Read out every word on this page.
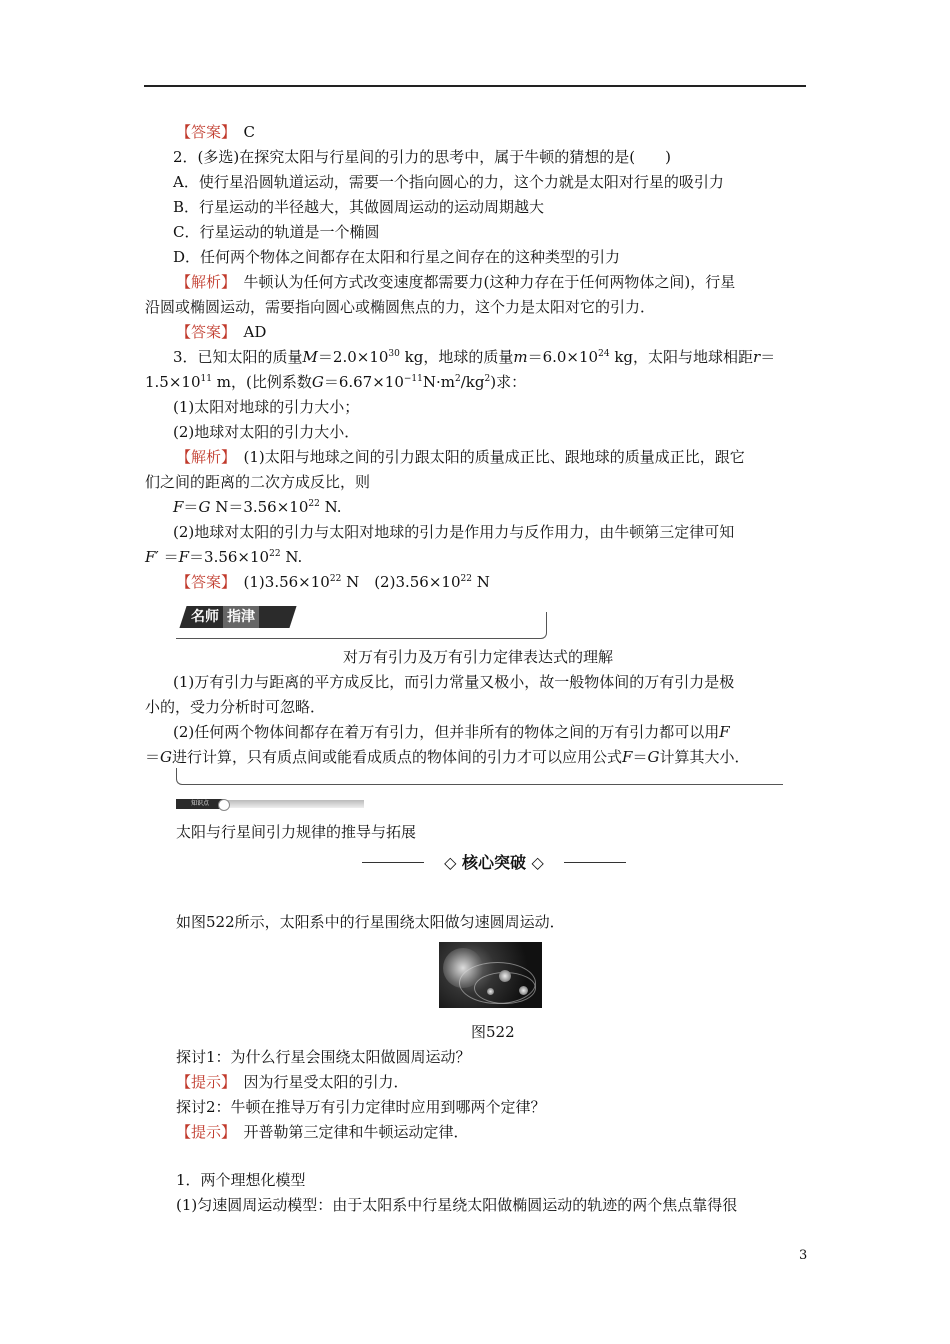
【答案】　 C
2．(多选)在探究太阳与行星间的引力的思考中，属于牛顿的猜想的是(　　)
A．使行星沿圆轨道运动，需要一个指向圆心的力，这个力就是太阳对行星的吸引力
B．行星运动的半径越大，其做圆周运动的运动周期越大
C．行星运动的轨道是一个椭圆
D．任何两个物体之间都存在太阳和行星之间存在的这种类型的引力
【解析】　 牛顿认为任何方式改变速度都需要力(这种力存在于任何两物体之间)，行星
沿圆或椭圆运动，需要指向圆心或椭圆焦点的力，这个力是太阳对它的引力．
【答案】　 AD
3．已知太阳的质量$M=2.0\times 10^{30}$ kg，地球的质量$m=6.0\times 10^{24}$ kg，太阳与地球相距r＝
$1.5\times 10^{11}$ m，(比例系数$G=6.67\times 10^{-11}N\cdot m^2/kg^2$)求：
(1)太阳对地球的引力大小；
(2)地球对太阳的引力大小．
【解析】　 (1)太阳与地球之间的引力跟太阳的质量成正比、跟地球的质量成正比，跟它
们之间的距离的二次方成反比，则
F＝G $N=3.56\times 10^{22}$ N.
(2)地球对太阳的引力与太阳对地球的引力是作用力与反作用力，由牛顿第三定律可知
$F' =F=3.56\times 10^{22}$ N.
【答案】　 $(1)3.56\times 10^{22}$ N　$(2)3.56\times 10^{22}$ N
名师 指津
对万有引力及万有引力定律表达式的理解
(1)万有引力与距离的平方成反比，而引力常量又极小，故一般物体间的万有引力是极
小的，受力分析时可忽略．
(2)任何两个物体间都存在着万有引力，但并非所有的物体之间的万有引力都可以用F
＝G进行计算，只有质点间或能看成质点的物体间的引力才可以应用公式F＝G计算其大小．
知识点
太阳与行星间引力规律的推导与拓展
◇ 核心突破 ◇
如图522所示，太阳系中的行星围绕太阳做匀速圆周运动．
图522
探讨1：为什么行星会围绕太阳做圆周运动？
【提示】　 因为行星受太阳的引力．
探讨2：牛顿在推导万有引力定律时应用到哪两个定律？
【提示】　 开普勒第三定律和牛顿运动定律．
1．两个理想化模型
(1)匀速圆周运动模型：由于太阳系中行星绕太阳做椭圆运动的轨迹的两个焦点靠得很
3
